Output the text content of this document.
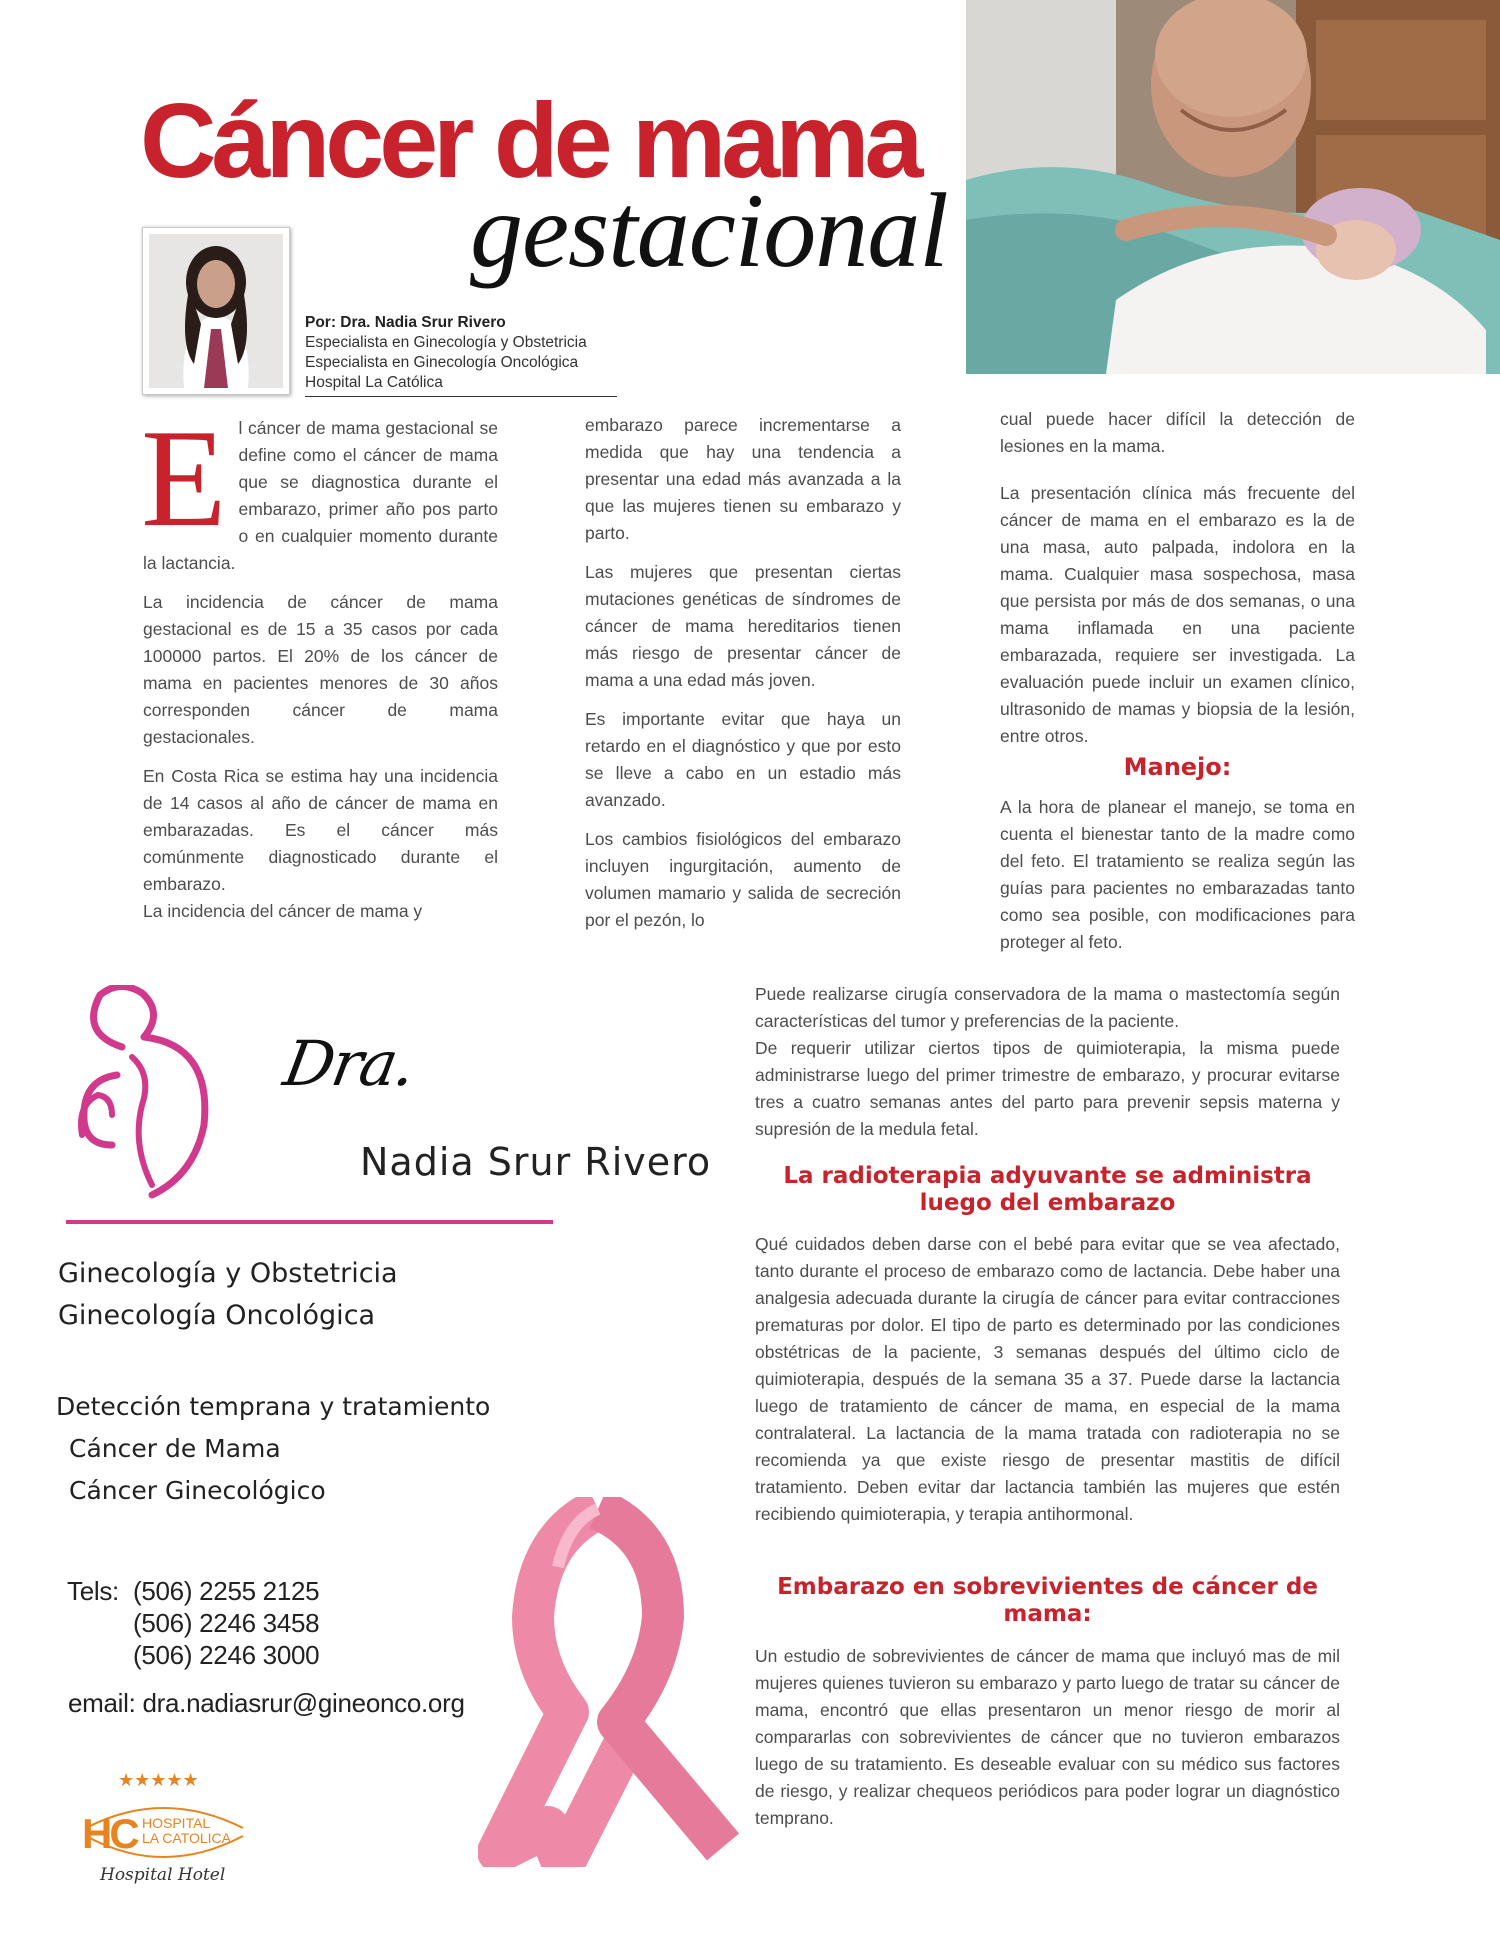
Cáncer de mama
gestacional
Por: Dra. Nadia Srur Rivero
Especialista en Ginecología y Obstetricia
Especialista en Ginecología Oncológica
Hospital La Católica

El cáncer de mama gestacional se define como el cáncer de mama que se diagnostica durante el embarazo, primer año pos parto o en cualquier momento durante la lactancia.

La incidencia de cáncer de mama gestacional es de 15 a 35 casos por cada 100000 partos. El 20% de los cáncer de mama en pacientes menores de 30 años corresponden cáncer de mama gestacionales.

En Costa Rica se estima hay una incidencia de 14 casos al año de cáncer de mama en embarazadas. Es el cáncer más comúnmente diagnosticado durante el embarazo.

La incidencia del cáncer de mama y

embarazo parece incrementarse a medida que hay una tendencia a presentar una edad más avanzada a la que las mujeres tienen su embarazo y parto.

Las mujeres que presentan ciertas mutaciones genéticas de síndromes de cáncer de mama hereditarios tienen más riesgo de presentar cáncer de mama a una edad más joven.

Es importante evitar que haya un retardo en el diagnóstico y que por esto se lleve a cabo en un estadio más avanzado.

Los cambios fisiológicos del embarazo incluyen ingurgitación, aumento de volumen mamario y salida de secreción por el pezón, lo

cual puede hacer difícil la detección de lesiones en la mama.

La presentación clínica más frecuente del cáncer de mama en el embarazo es la de una masa, auto palpada, indolora en la mama. Cualquier masa sospechosa, masa que persista por más de dos semanas, o una mama inflamada en una paciente embarazada, requiere ser investigada. La evaluación puede incluir un examen clínico, ultrasonido de mamas y biopsia de la lesión, entre otros.

Manejo:

A la hora de planear el manejo, se toma en cuenta el bienestar tanto de la madre como del feto. El tratamiento se realiza según las guías para pacientes no embarazadas tanto como sea posible, con modificaciones para proteger al feto.

Puede realizarse cirugía conservadora de la mama o mastectomía según características del tumor y preferencias de la paciente.

De requerir utilizar ciertos tipos de quimioterapia, la misma puede administrarse luego del primer trimestre de embarazo, y procurar evitarse tres a cuatro semanas antes del parto para prevenir sepsis materna y supresión de la medula fetal.

La radioterapia adyuvante se administra
luego del embarazo

Qué cuidados deben darse con el bebé para evitar que se vea afectado, tanto durante el proceso de embarazo como de lactancia. Debe haber una analgesia adecuada durante la cirugía de cáncer para evitar contracciones prematuras por dolor. El tipo de parto es determinado por las condiciones obstétricas de la paciente, 3 semanas después del último ciclo de quimioterapia, después de la semana 35 a 37. Puede darse la lactancia luego de tratamiento de cáncer de mama, en especial de la mama contralateral. La lactancia de la mama tratada con radioterapia no se recomienda ya que existe riesgo de presentar mastitis de difícil tratamiento. Deben evitar dar lactancia también las mujeres que estén recibiendo quimioterapia, y terapia antihormonal.

Embarazo en sobrevivientes de cáncer de
mama:

Un estudio de sobrevivientes de cáncer de mama que incluyó mas de mil mujeres quienes tuvieron su embarazo y parto luego de tratar su cáncer de mama, encontró que ellas presentaron un menor riesgo de morir al compararlas con sobrevivientes de cáncer que no tuvieron embarazos luego de su tratamiento. Es deseable evaluar con su médico sus factores de riesgo, y realizar chequeos periódicos para poder lograr un diagnóstico temprano.

Dra.
Nadia Srur Rivero
Ginecología y Obstetricia
Ginecología Oncológica
Detección temprana y tratamiento
Cáncer de Mama
Cáncer Ginecológico
Tels: (506) 2255 2125
(506) 2246 3458
(506) 2246 3000
email: dra.nadiasrur@gineonco.org
★★★★★
HC HOSPITAL
LA CATOLICA
Hospital Hotel
